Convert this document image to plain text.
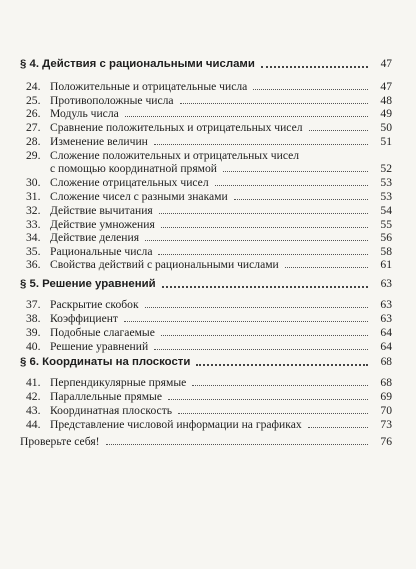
§ 4. Действия с рациональными числами	47
24. Положительные и отрицательные числа	47
25. Противоположные числа	48
26. Модуль числа	49
27. Сравнение положительных и отрицательных чисел	50
28. Изменение величин	51
29. Сложение положительных и отрицательных чисел
с помощью координатной прямой	52
30. Сложение отрицательных чисел	53
31. Сложение чисел с разными знаками	53
32. Действие вычитания	54
33. Действие умножения	55
34. Действие деления	56
35. Рациональные числа	58
36. Свойства действий с рациональными числами	61
§ 5. Решение уравнений	63
37. Раскрытие скобок	63
38. Коэффициент	63
39. Подобные слагаемые	64
40. Решение уравнений	64
§ 6. Координаты на плоскости	68
41. Перпендикулярные прямые	68
42. Параллельные прямые	69
43. Координатная плоскость	70
44. Представление числовой информации на графиках	73
Проверьте себя!	76
